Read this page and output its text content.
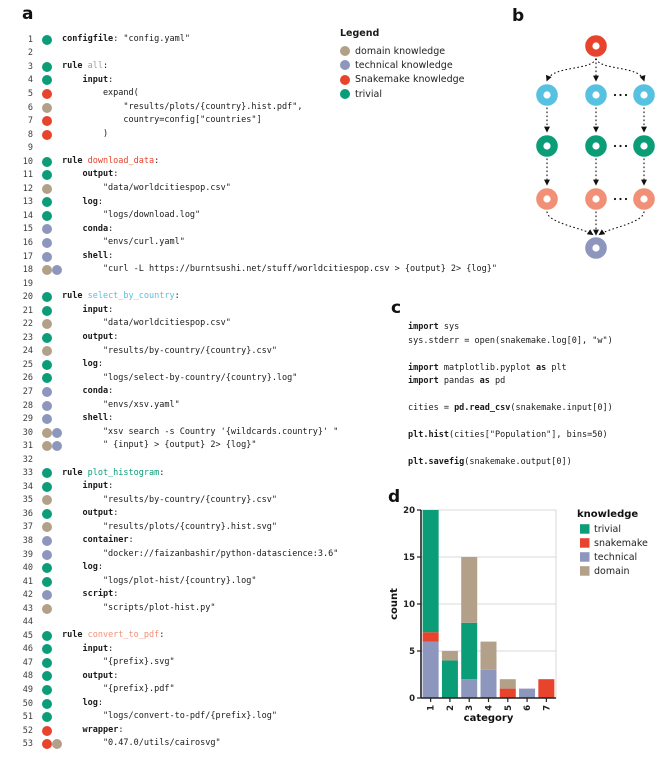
a	b
c
d
1	configfile: "config.yaml"
2
3	rule all:
4	input:
5	expand(
6	"results/plots/{country}.hist.pdf",
7	country=config["countries"]
8	)
9
10	rule download_data:
11	output:
12	"data/worldcitiespop.csv"
13	log:
14	"logs/download.log"
15	conda:
16	"envs/curl.yaml"
17	shell:
18	"curl -L https://burntsushi.net/stuff/worldcitiespop.csv > {output} 2> {log}"
19
20	rule select_by_country:
21	input:
22	"data/worldcitiespop.csv"
23	output:
24	"results/by-country/{country}.csv"
25	log:
26	"logs/select-by-country/{country}.log"
27	conda:
28	"envs/xsv.yaml"
29	shell:
30	"xsv search -s Country '{wildcards.country}' "
31	" {input} > {output} 2> {log}"
32
33	rule plot_histogram:
34	input:
35	"results/by-country/{country}.csv"
36	output:
37	"results/plots/{country}.hist.svg"
38	container:
39	"docker://faizanbashir/python-datascience:3.6"
40	log:
41	"logs/plot-hist/{country}.log"
42	script:
43	"scripts/plot-hist.py"
44
45	rule convert_to_pdf:
46	input:
47	"{prefix}.svg"
48	output:
49	"{prefix}.pdf"
50	log:
51	"logs/convert-to-pdf/{prefix}.log"
52	wrapper:
53	"0.47.0/utils/cairosvg"
Legend
domain knowledge
technical knowledge
Snakemake knowledge
trivial
import sys
sys.stderr = open(snakemake.log[0], "w")

import matplotlib.pyplot as plt
import pandas as pd

cities = pd.read_csv(snakemake.input[0])

plt.hist(cities["Population"], bins=50)

plt.savefig(snakemake.output[0])
1 2 3 4 5 6 7
0
5
10
15
20
count
category
knowledge
trivial
snakemake
technical
domain
